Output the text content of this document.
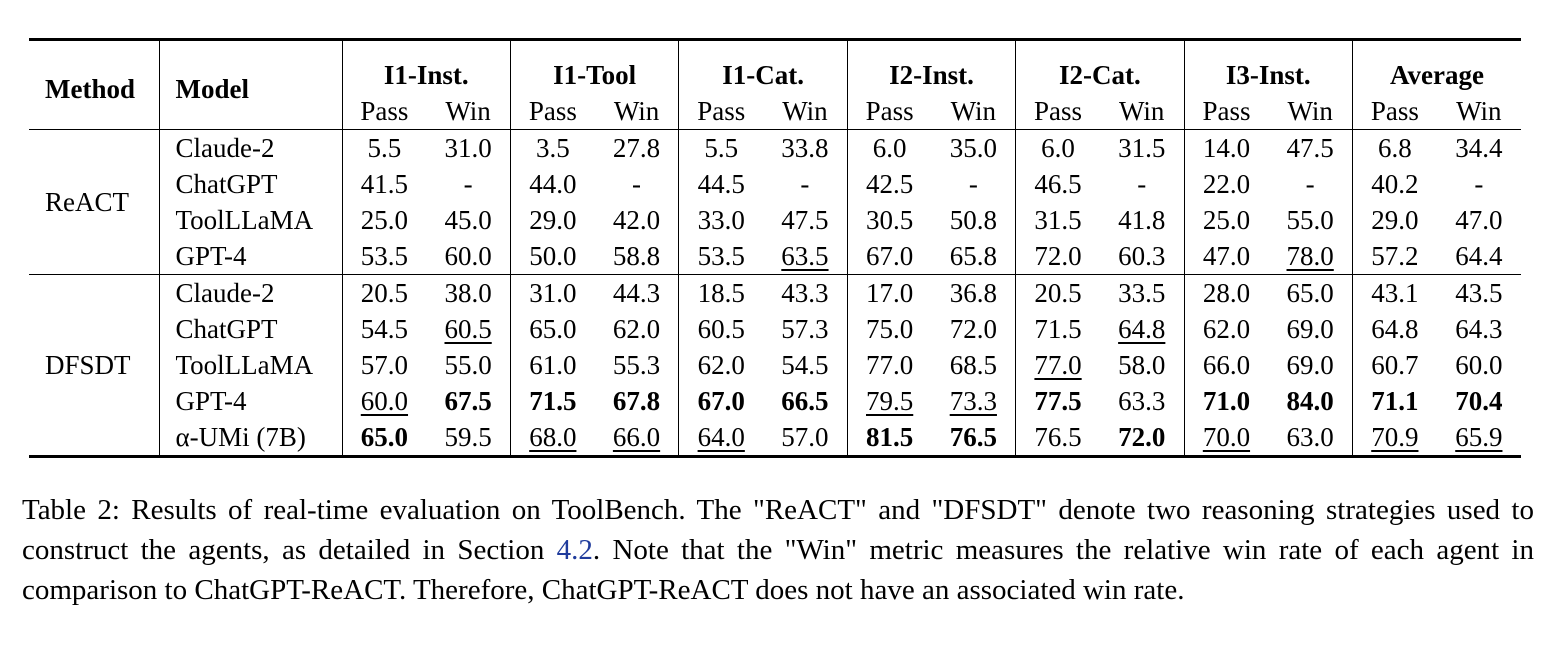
Method	Model	I1-Inst.		I1-Tool		I1-Cat.		I2-Inst.		I2-Cat.		I3-Inst.		Average	
		Pass	Win	Pass	Win	Pass	Win	Pass	Win	Pass	Win	Pass	Win	Pass	Win
ReACT	Claude-2	5.5	31.0	3.5	27.8	5.5	33.8	6.0	35.0	6.0	31.5	14.0	47.5	6.8	34.4
	ChatGPT	41.5	-	44.0	-	44.5	-	42.5	-	46.5	-	22.0	-	40.2	-
	ToolLLaMA	25.0	45.0	29.0	42.0	33.0	47.5	30.5	50.8	31.5	41.8	25.0	55.0	29.0	47.0
	GPT-4	53.5	60.0	50.0	58.8	53.5	63.5	67.0	65.8	72.0	60.3	47.0	78.0	57.2	64.4
DFSDT	Claude-2	20.5	38.0	31.0	44.3	18.5	43.3	17.0	36.8	20.5	33.5	28.0	65.0	43.1	43.5
	ChatGPT	54.5	60.5	65.0	62.0	60.5	57.3	75.0	72.0	71.5	64.8	62.0	69.0	64.8	64.3
	ToolLLaMA	57.0	55.0	61.0	55.3	62.0	54.5	77.0	68.5	77.0	58.0	66.0	69.0	60.7	60.0
	GPT-4	60.0	67.5	71.5	67.8	67.0	66.5	79.5	73.3	77.5	63.3	71.0	84.0	71.1	70.4
	α-UMi (7B)	65.0	59.5	68.0	66.0	64.0	57.0	81.5	76.5	76.5	72.0	70.0	63.0	70.9	65.9

Table 2: Results of real-time evaluation on ToolBench. The "ReACT" and "DFSDT" denote two reasoning strategies used to construct the agents, as detailed in Section 4.2. Note that the "Win" metric measures the relative win rate of each agent in comparison to ChatGPT-ReACT. Therefore, ChatGPT-ReACT does not have an associated win rate.
